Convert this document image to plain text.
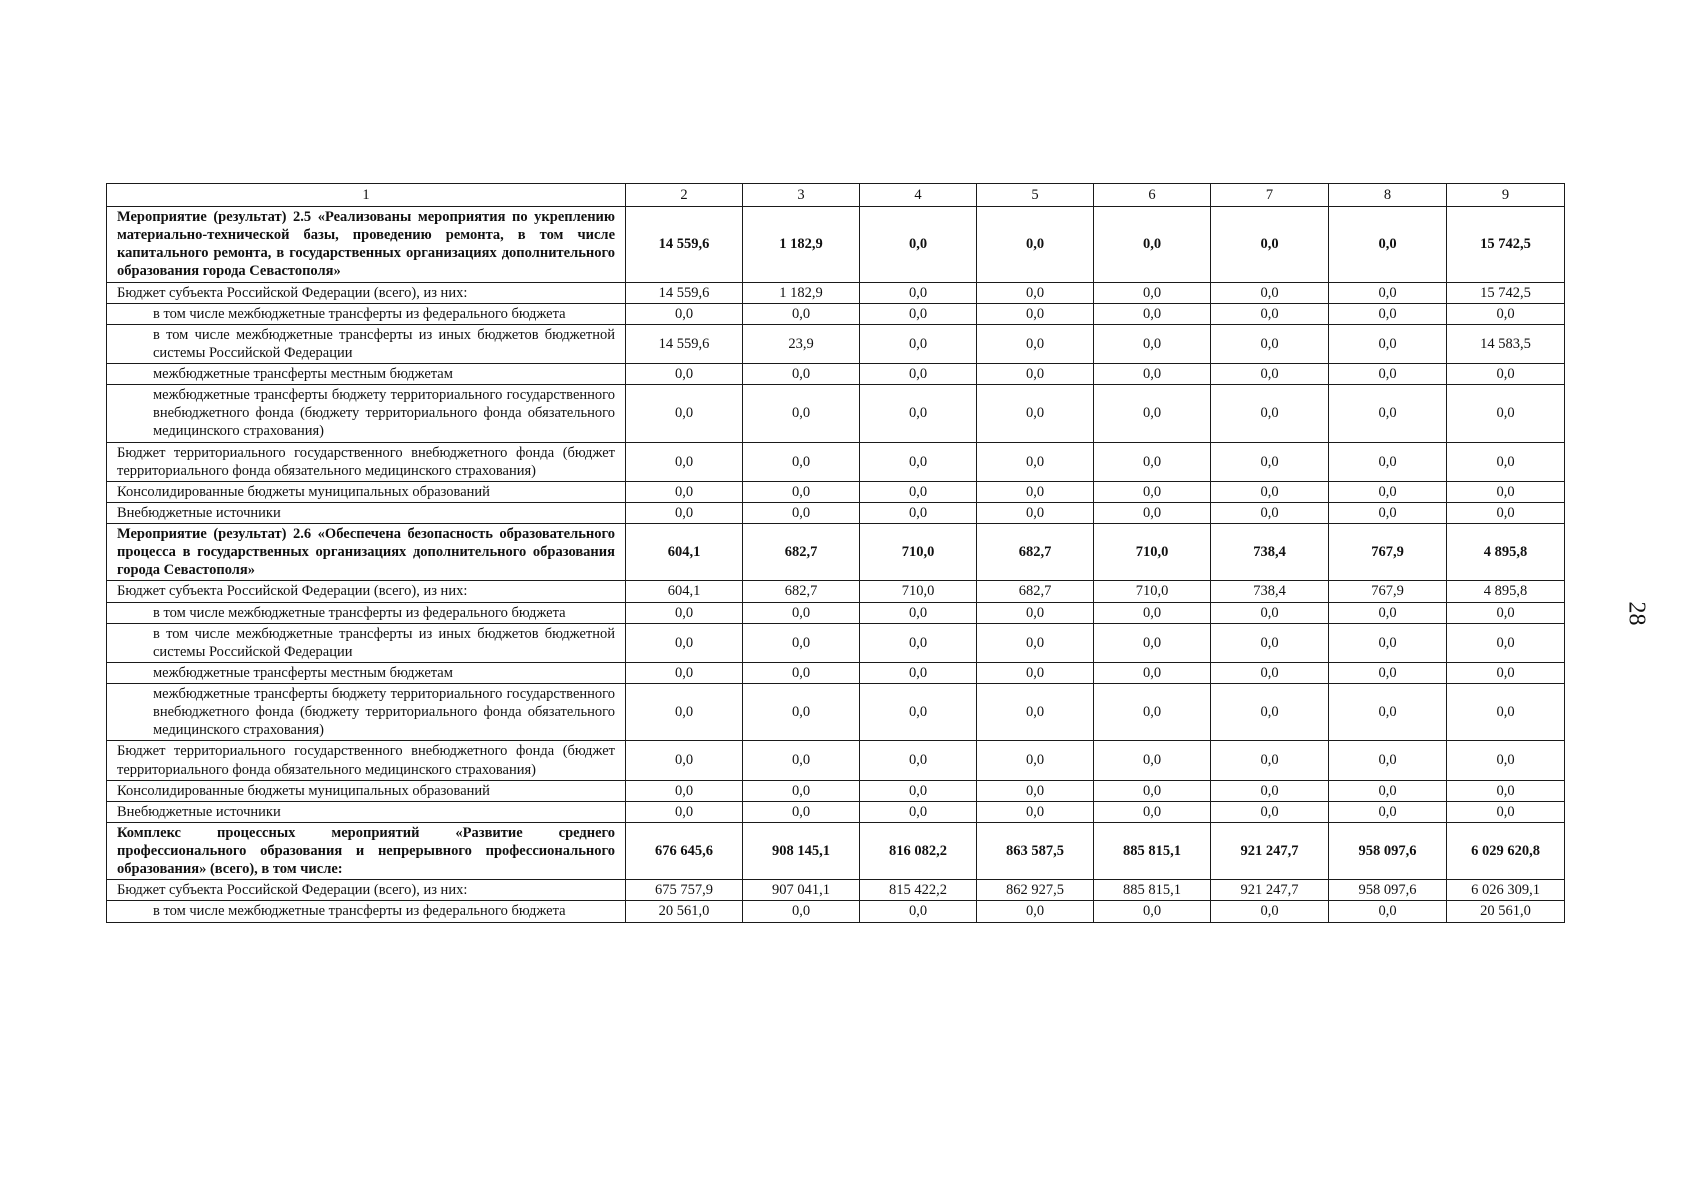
1	2	3	4	5	6	7	8	9
Мероприятие (результат) 2.5 «Реализованы мероприятия по укреплению материально-технической базы, проведению ремонта, в том числе капитального ремонта, в государственных организациях дополнительного образования города Севастополя»	14 559,6	1 182,9	0,0	0,0	0,0	0,0	0,0	15 742,5
Бюджет субъекта Российской Федерации (всего), из них:	14 559,6	1 182,9	0,0	0,0	0,0	0,0	0,0	15 742,5
в том числе межбюджетные трансферты из федерального бюджета	0,0	0,0	0,0	0,0	0,0	0,0	0,0	0,0
в том числе межбюджетные трансферты из иных бюджетов бюджетной системы Российской Федерации	14 559,6	23,9	0,0	0,0	0,0	0,0	0,0	14 583,5
межбюджетные трансферты местным бюджетам	0,0	0,0	0,0	0,0	0,0	0,0	0,0	0,0
межбюджетные трансферты бюджету территориального государственного внебюджетного фонда (бюджету территориального фонда обязательного медицинского страхования)	0,0	0,0	0,0	0,0	0,0	0,0	0,0	0,0
Бюджет территориального государственного внебюджетного фонда (бюджет территориального фонда обязательного медицинского страхования)	0,0	0,0	0,0	0,0	0,0	0,0	0,0	0,0
Консолидированные бюджеты муниципальных образований	0,0	0,0	0,0	0,0	0,0	0,0	0,0	0,0
Внебюджетные источники	0,0	0,0	0,0	0,0	0,0	0,0	0,0	0,0
Мероприятие (результат) 2.6 «Обеспечена безопасность образовательного процесса в государственных организациях дополнительного образования города Севастополя»	604,1	682,7	710,0	682,7	710,0	738,4	767,9	4 895,8
Бюджет субъекта Российской Федерации (всего), из них:	604,1	682,7	710,0	682,7	710,0	738,4	767,9	4 895,8
в том числе межбюджетные трансферты из федерального бюджета	0,0	0,0	0,0	0,0	0,0	0,0	0,0	0,0
в том числе межбюджетные трансферты из иных бюджетов бюджетной системы Российской Федерации	0,0	0,0	0,0	0,0	0,0	0,0	0,0	0,0
межбюджетные трансферты местным бюджетам	0,0	0,0	0,0	0,0	0,0	0,0	0,0	0,0
межбюджетные трансферты бюджету территориального государственного внебюджетного фонда (бюджету территориального фонда обязательного медицинского страхования)	0,0	0,0	0,0	0,0	0,0	0,0	0,0	0,0
Бюджет территориального государственного внебюджетного фонда (бюджет территориального фонда обязательного медицинского страхования)	0,0	0,0	0,0	0,0	0,0	0,0	0,0	0,0
Консолидированные бюджеты муниципальных образований	0,0	0,0	0,0	0,0	0,0	0,0	0,0	0,0
Внебюджетные источники	0,0	0,0	0,0	0,0	0,0	0,0	0,0	0,0
Комплекс процессных мероприятий «Развитие среднего профессионального образования и непрерывного профессионального образования» (всего), в том числе:	676 645,6	908 145,1	816 082,2	863 587,5	885 815,1	921 247,7	958 097,6	6 029 620,8
Бюджет субъекта Российской Федерации (всего), из них:	675 757,9	907 041,1	815 422,2	862 927,5	885 815,1	921 247,7	958 097,6	6 026 309,1
в том числе межбюджетные трансферты из федерального бюджета	20 561,0	0,0	0,0	0,0	0,0	0,0	0,0	20 561,0
28
